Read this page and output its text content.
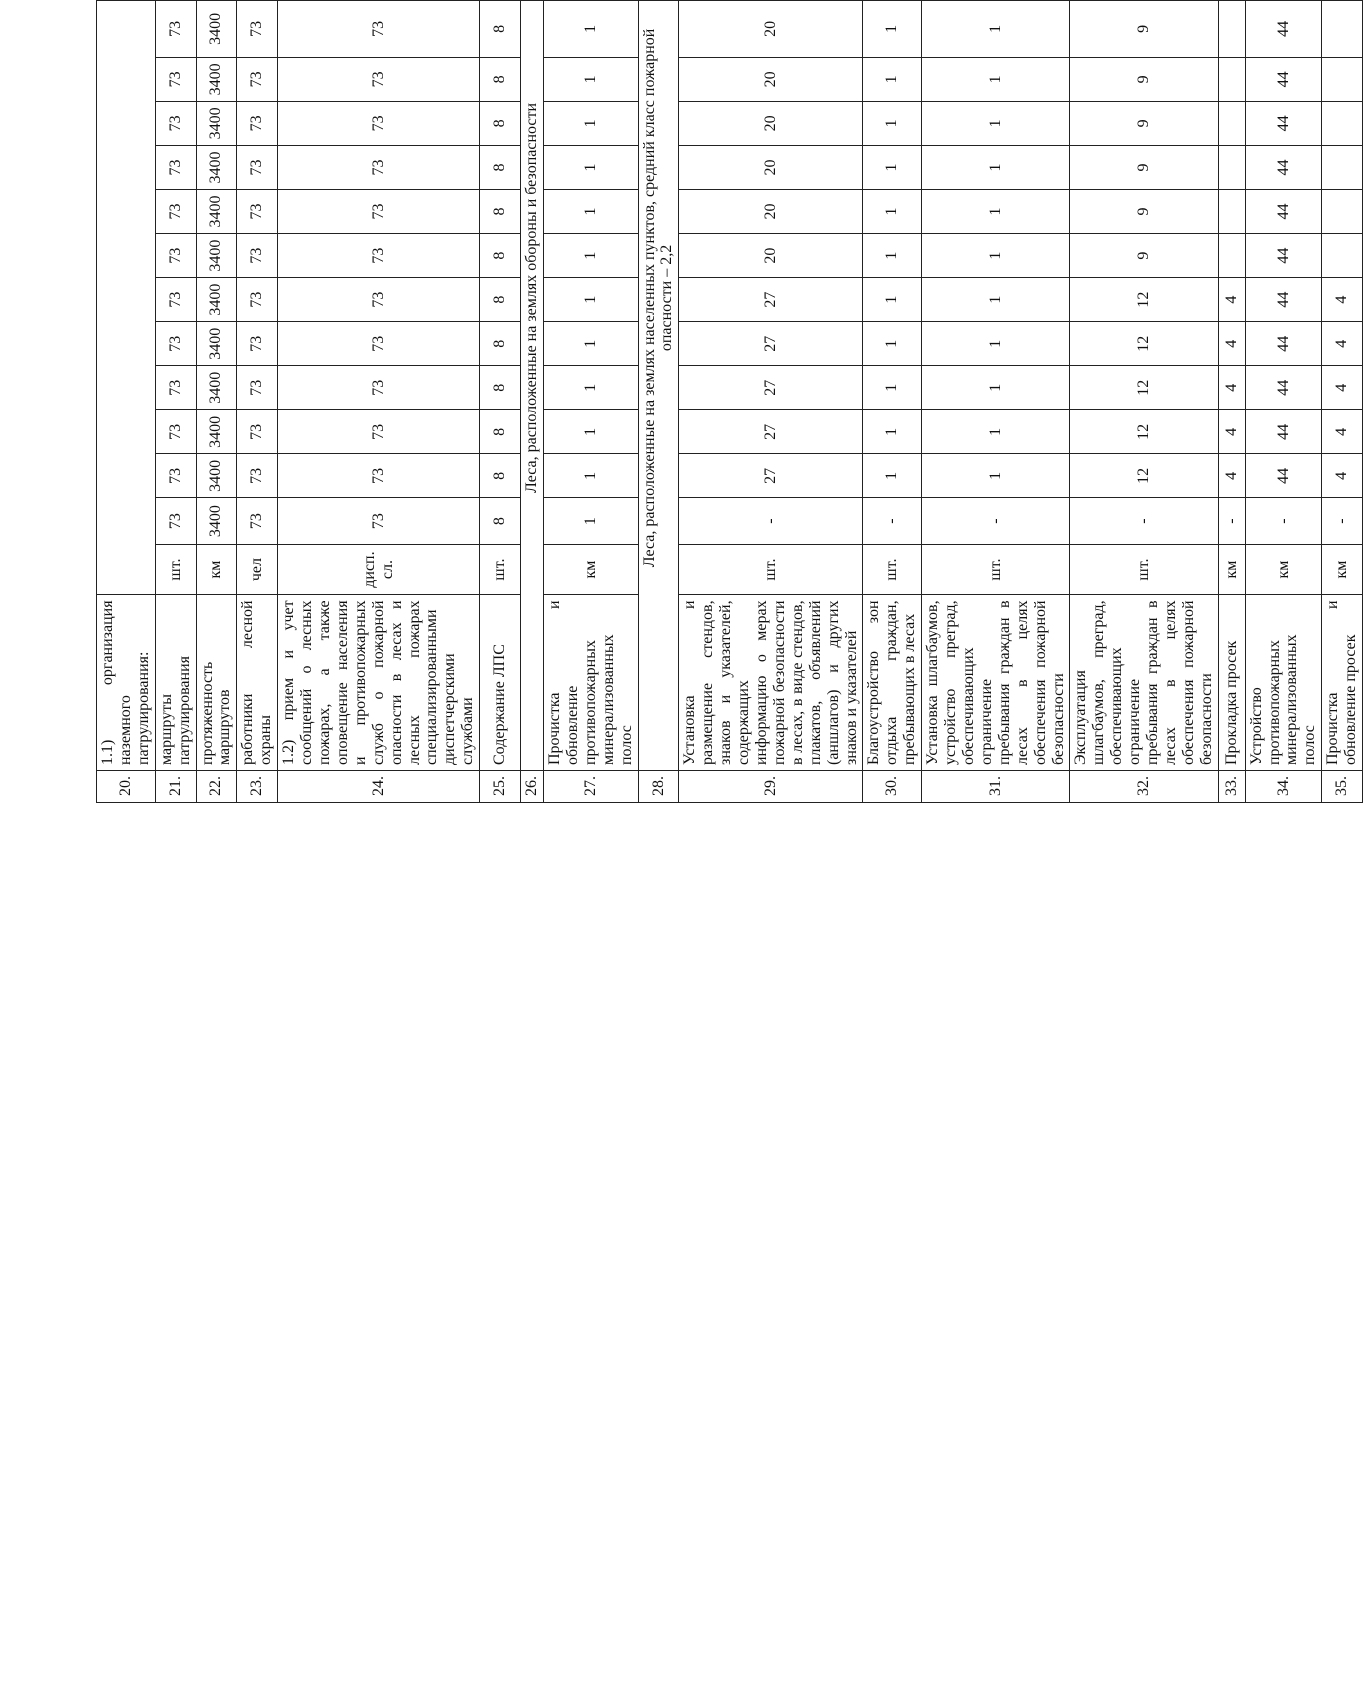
20.	1.1) организация наземного патрулирования:													
21.	маршруты патрулирования	шт.	73	73	73	73	73	73	73	73	73	73	73	73
22.	протяженность маршрутов	км	3400	3400	3400	3400	3400	3400	3400	3400	3400	3400	3400	3400
23.	работники лесной охраны	чел	73	73	73	73	73	73	73	73	73	73	73	73
24.	1.2) прием и учет сообщений о лесных пожарах, а также оповещение населения и противопожарных служб о пожарной опасности в лесах и лесных пожарах специализированными диспетчерскими службами	дисп. сл.	73	73	73	73	73	73	73	73	73	73	73	73
25.	Содержание ЛПС	шт.	8	8	8	8	8	8	8	8	8	8	8	8
26.		Леса, расположенные на землях обороны и безопасности												
27.	Прочистка и обновление противопожарных минерализованных полос	км	1	1	1	1	1	1	1	1	1	1	1	1
28.		Леса, расположенные на землях населенных пунктов, средний класс пожарной опасности – 2,2												
29.	Установка и размещение стендов, знаков и указателей, содержащих информацию о мерах пожарной безопасности в лесах, в виде стендов, плакатов, объявлений (аншлагов) и других знаков и указателей	шт.	-	27	27	27	27	27	20	20	20	20	20	20
30.	Благоустройство зон отдыха граждан, пребывающих в лесах	шт.	-	1	1	1	1	1	1	1	1	1	1	1
31.	Установка шлагбаумов, устройство преград, обеспечивающих ограничение пребывания граждан в лесах в целях обеспечения пожарной безопасности	шт.	-	1	1	1	1	1	1	1	1	1	1	1
32.	Эксплуатация шлагбаумов, преград, обеспечивающих ограничение пребывания граждан в лесах в целях обеспечения пожарной безопасности	шт.	-	12	12	12	12	12	9	9	9	9	9	9
33.	Прокладка просек	км	-	4	4	4	4	4						
34.	Устройство противопожарных минерализованных полос	км	-	44	44	44	44	44	44	44	44	44	44	44
35.	Прочистка и обновление просек	км	-	4	4	4	4	4						
